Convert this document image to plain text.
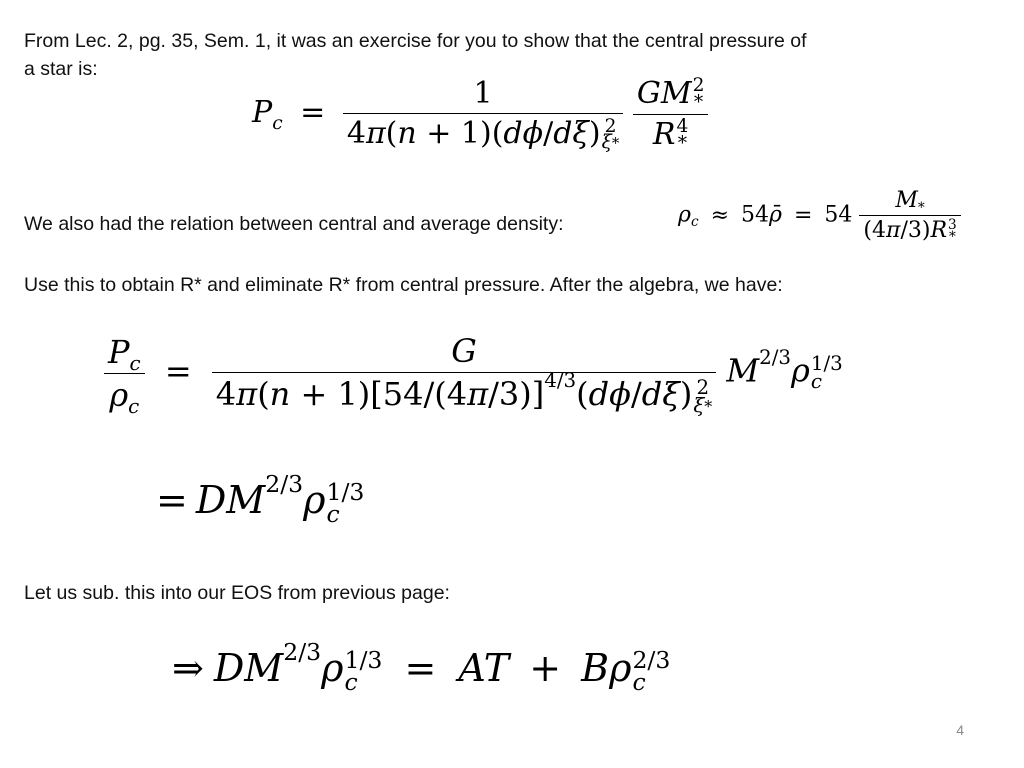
From Lec. 2, pg. 35, Sem. 1, it was an exercise for you to show that the central pressure of
a star is:
$P_c = 1$
4π(n + 1)(dϕ/dξ) 2
ξ*
GM 2
*
R 4
*
We also had the relation between central and average density:	$\rho_c$ ≈ 54ρ̄ = 54 $M_*$
(4π/3)R 3
*
Use this to obtain R* and eliminate R* from central pressure. After the algebra, we have:
$\frac{P_c}{\rho_c} = G$
$4\pi(n + 1)[54/(4\pi/3)]^{4/3}(d\phi/d\xi)$ 2
ξ* $M^{2/3}\rho$ 1/3
c
= $DM^{2/3}\rho$ 1/3
c
Let us sub. this into our EOS from previous page:
⇒ $DM^{2/3}\rho$ 1/3
c	= AT + Bρ 2/3
c
4
